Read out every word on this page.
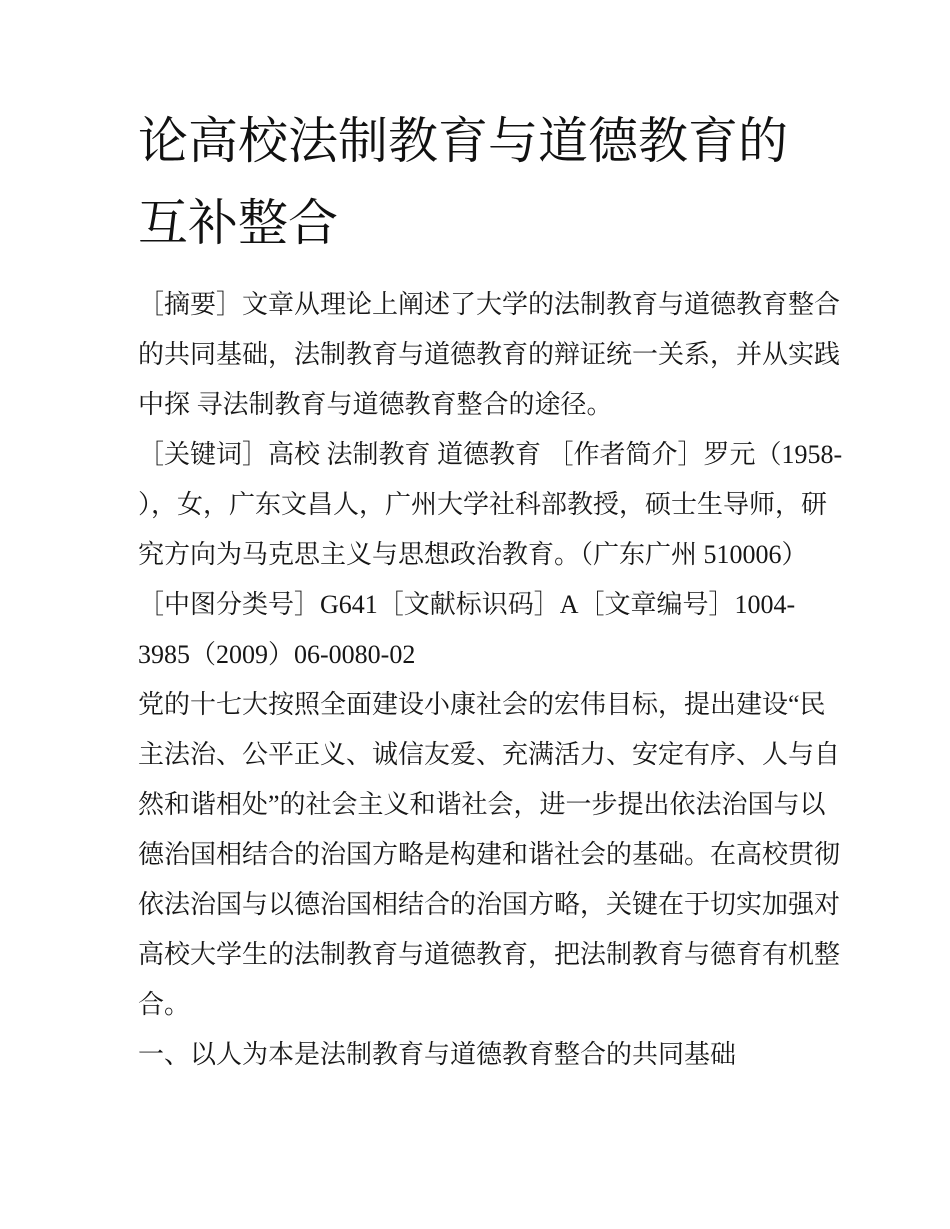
论高校法制教育与道德教育的
互补整合
［摘要］文章从理论上阐述了大学的法制教育与道德教育整合
的共同基础，法制教育与道德教育的辩证统一关系，并从实践
中探 寻法制教育与道德教育整合的途径。
［关键词］高校 法制教育 道德教育 ［作者简介］罗元（1958-
），女，广东文昌人，广州大学社科部教授，硕士生导师，研
究方向为马克思主义与思想政治教育。（广东广州 510006）
［中图分类号］G641［文献标识码］A［文章编号］1004-
3985（2009）06-0080-02
党的十七大按照全面建设小康社会的宏伟目标，提出建设“民
主法治、公平正义、诚信友爱、充满活力、安定有序、人与自
然和谐相处”的社会主义和谐社会，进一步提出依法治国与以
德治国相结合的治国方略是构建和谐社会的基础。在高校贯彻
依法治国与以德治国相结合的治国方略，关键在于切实加强对
高校大学生的法制教育与道德教育，把法制教育与德育有机整
合。
一、以人为本是法制教育与道德教育整合的共同基础
